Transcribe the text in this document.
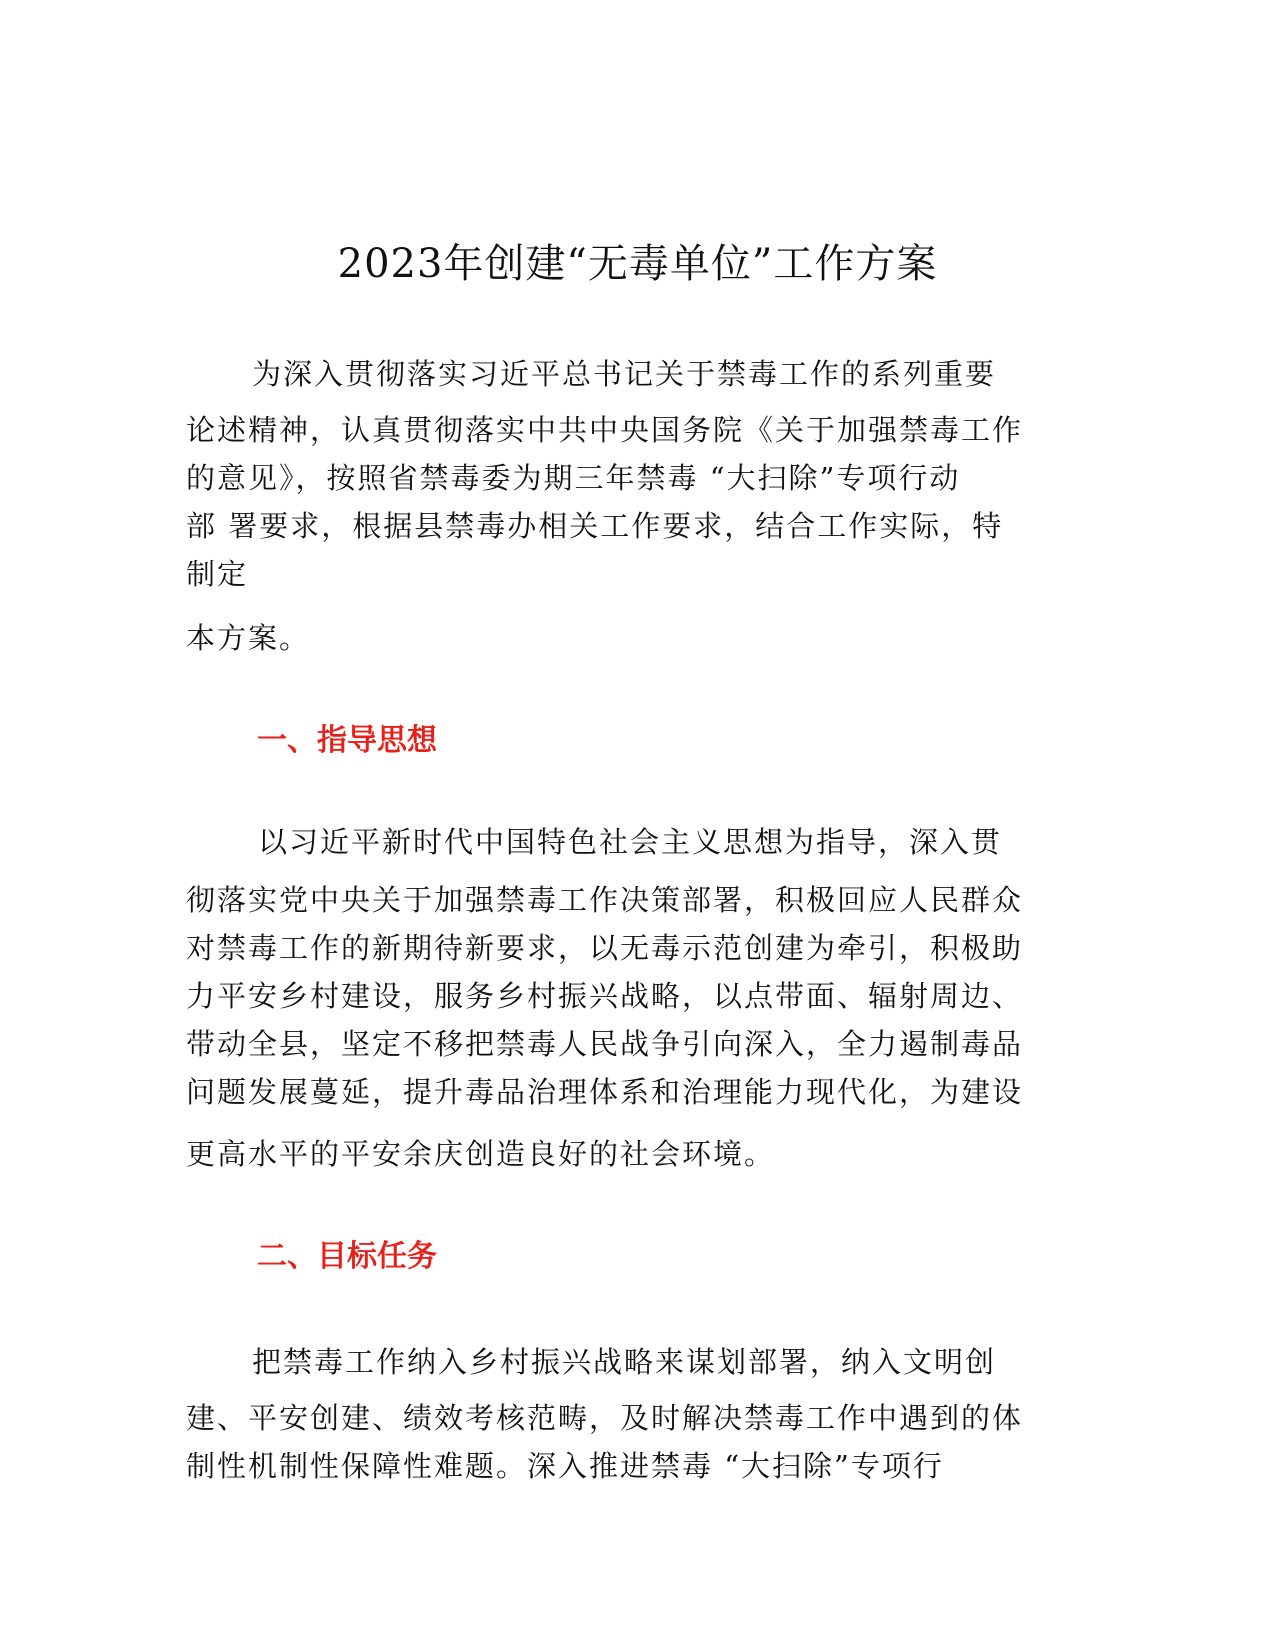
2023年创建“无毒单位”工作方案
为深入贯彻落实习近平总书记关于禁毒工作的系列重要
论述精神，认真贯彻落实中共中央国务院《关于加强禁毒工作
的意见》，按照省禁毒委为期三年禁毒 “大扫除”专项行动
部 署要求，根据县禁毒办相关工作要求，结合工作实际，特
制定
本方案。
一、指导思想
以习近平新时代中国特色社会主义思想为指导，深入贯
彻落实党中央关于加强禁毒工作决策部署，积极回应人民群众
对禁毒工作的新期待新要求，以无毒示范创建为牵引，积极助
力平安乡村建设，服务乡村振兴战略，以点带面、辐射周边、
带动全县，坚定不移把禁毒人民战争引向深入，全力遏制毒品
问题发展蔓延，提升毒品治理体系和治理能力现代化，为建设
更高水平的平安余庆创造良好的社会环境。
二、目标任务
把禁毒工作纳入乡村振兴战略来谋划部署，纳入文明创
建、平安创建、绩效考核范畴，及时解决禁毒工作中遇到的体
制性机制性保障性难题。深入推进禁毒 “大扫除”专项行
